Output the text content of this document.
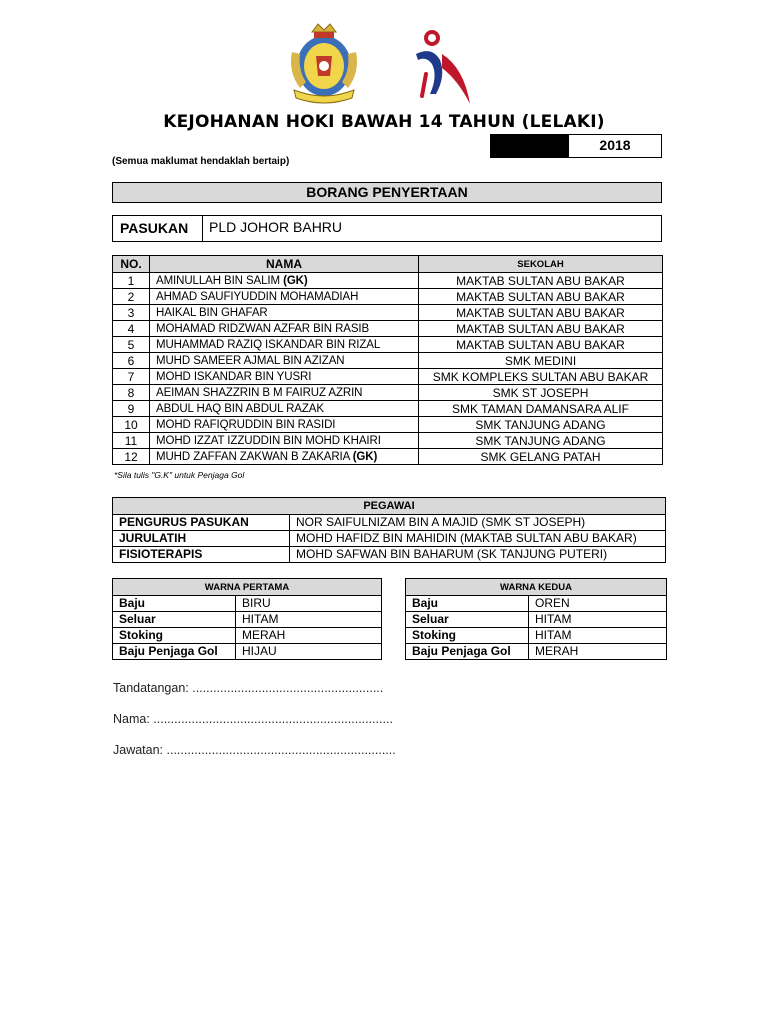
KEJOHANAN HOKI BAWAH 14 TAHUN (LELAKI)
2018
(Semua maklumat hendaklah bertaip)
BORANG PENYERTAAN
PASUKAN	PLD JOHOR BAHRU
NO.	NAMA	SEKOLAH
1	AMINULLAH BIN SALIM (GK)	MAKTAB SULTAN ABU BAKAR
2	AHMAD SAUFIYUDDIN MOHAMADIAH	MAKTAB SULTAN ABU BAKAR
3	HAIKAL BIN GHAFAR	MAKTAB SULTAN ABU BAKAR
4	MOHAMAD RIDZWAN AZFAR BIN RASIB	MAKTAB SULTAN ABU BAKAR
5	MUHAMMAD RAZIQ ISKANDAR BIN RIZAL	MAKTAB SULTAN ABU BAKAR
6	MUHD SAMEER AJMAL BIN AZIZAN	SMK MEDINI
7	MOHD ISKANDAR BIN YUSRI	SMK KOMPLEKS SULTAN ABU BAKAR
8	AEIMAN SHAZZRIN B M FAIRUZ AZRIN	SMK ST JOSEPH
9	ABDUL HAQ BIN ABDUL RAZAK	SMK TAMAN DAMANSARA ALIF
10	MOHD RAFIQRUDDIN BIN RASIDI	SMK TANJUNG ADANG
11	MOHD IZZAT IZZUDDIN BIN MOHD KHAIRI	SMK TANJUNG ADANG
12	MUHD ZAFFAN ZAKWAN B ZAKARIA (GK)	SMK GELANG PATAH
*Sila tulis "G.K" untuk Penjaga Gol
PEGAWAI	
PENGURUS PASUKAN	NOR SAIFULNIZAM BIN A MAJID (SMK ST JOSEPH)
JURULATIH	MOHD HAFIDZ BIN MAHIDIN (MAKTAB SULTAN ABU BAKAR)
FISIOTERAPIS	MOHD SAFWAN BIN BAHARUM (SK TANJUNG PUTERI)
WARNA PERTAMA	
Baju	BIRU
Seluar	HITAM
Stoking	MERAH
Baju Penjaga Gol	HIJAU
WARNA KEDUA	
Baju	OREN
Seluar	HITAM
Stoking	HITAM
Baju Penjaga Gol	MERAH
Tandatangan: .......................................................
Nama: .....................................................................
Jawatan: ..................................................................
